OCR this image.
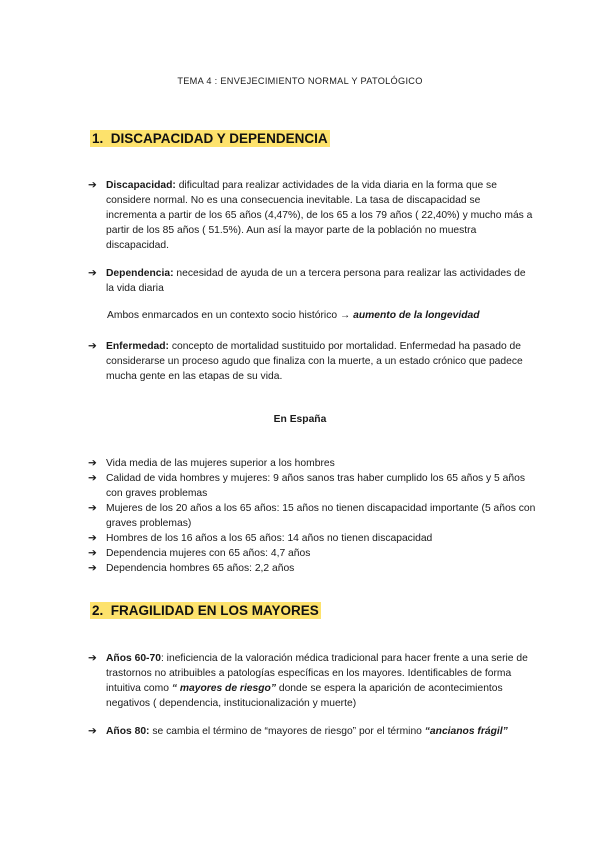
TEMA 4 : ENVEJECIMIENTO NORMAL Y PATOLÓGICO
1. DISCAPACIDAD Y DEPENDENCIA
➔ Discapacidad: dificultad para realizar actividades de la vida diaria en la forma que se considere normal. No es una consecuencia inevitable. La tasa de discapacidad se incrementa a partir de los 65 años (4,47%), de los 65 a los 79 años ( 22,40%) y mucho más a partir de los 85 años ( 51.5%). Aun así la mayor parte de la población no muestra discapacidad.
➔ Dependencia: necesidad de ayuda de un a tercera persona para realizar las actividades de la vida diaria
Ambos enmarcados en un contexto socio histórico → aumento de la longevidad
➔ Enfermedad: concepto de mortalidad sustituido por mortalidad. Enfermedad ha pasado de considerarse un proceso agudo que finaliza con la muerte, a un estado crónico que padece mucha gente en las etapas de su vida.
En España
➔ Vida media de las mujeres superior a los hombres
➔ Calidad de vida hombres y mujeres: 9 años sanos tras haber cumplido los 65 años y 5 años con graves problemas
➔ Mujeres de los 20 años a los 65 años: 15 años no tienen discapacidad importante (5 años con graves problemas)
➔ Hombres de los 16 años a los 65 años: 14 años no tienen discapacidad
➔ Dependencia mujeres con 65 años: 4,7 años
➔ Dependencia hombres 65 años: 2,2 años
2. FRAGILIDAD EN LOS MAYORES
➔ Años 60-70: ineficiencia de la valoración médica tradicional para hacer frente a una serie de trastornos no atribuibles a patologías específicas en los mayores. Identificables de forma intuitiva como “ mayores de riesgo” donde se espera la aparición de acontecimientos negativos ( dependencia, institucionalización y muerte)
➔ Años 80: se cambia el término de “mayores de riesgo” por el término “ancianos frágil”
